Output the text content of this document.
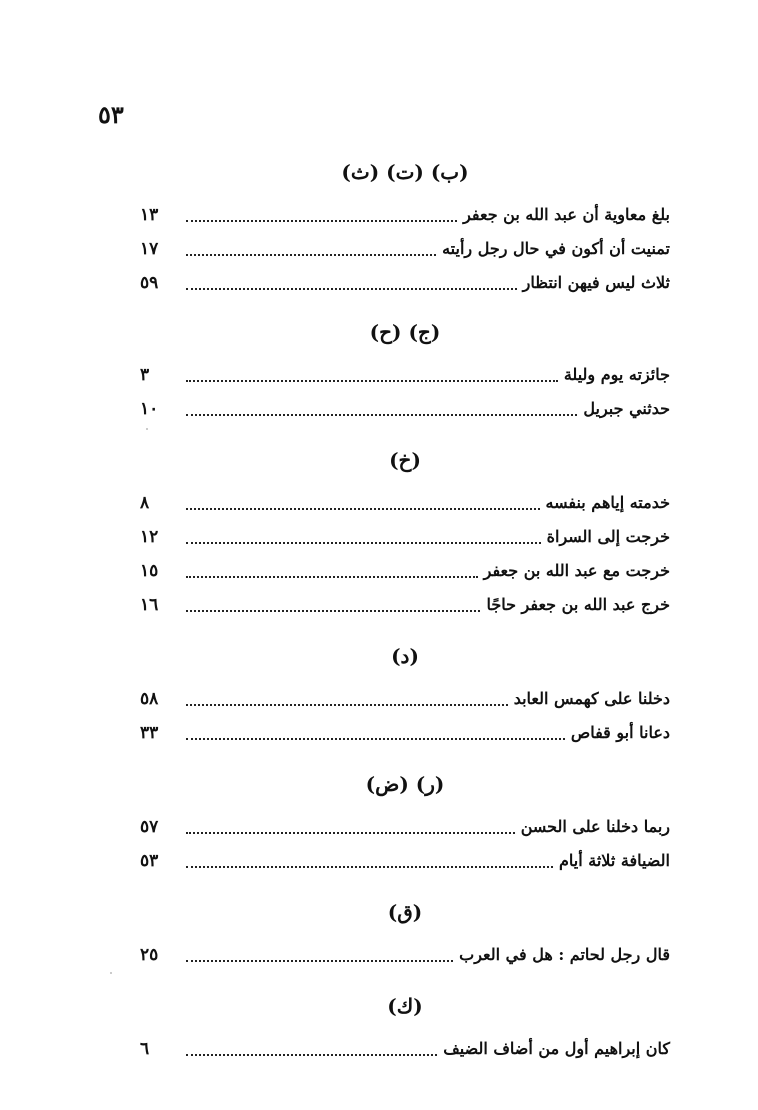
٥٣
(ب) (ت) (ث)
بلغ معاوية أن عبد الله بن جعفر
١٣
تمنيت أن أكون في حال رجل رأيته
١٧
ثلاث ليس فيهن انتظار
٥٩
(ج) (ح)
جائزته يوم وليلة
٣
حدثني جبريل
١٠
(خ)
خدمته إياهم بنفسه
٨
خرجت إلى السراة
١٢
خرجت مع عبد الله بن جعفر
١٥
خرج عبد الله بن جعفر حاجًا
١٦
(د)
دخلنا على كهمس العابد
٥٨
دعانا أبو قفاص
٣٣
(ر) (ض)
ربما دخلنا على الحسن
٥٧
الضيافة ثلاثة أيام
٥٣
(ق)
قال رجل لحاتم : هل في العرب
٢٥
(ك)
كان إبراهيم أول من أضاف الضيف
٦
